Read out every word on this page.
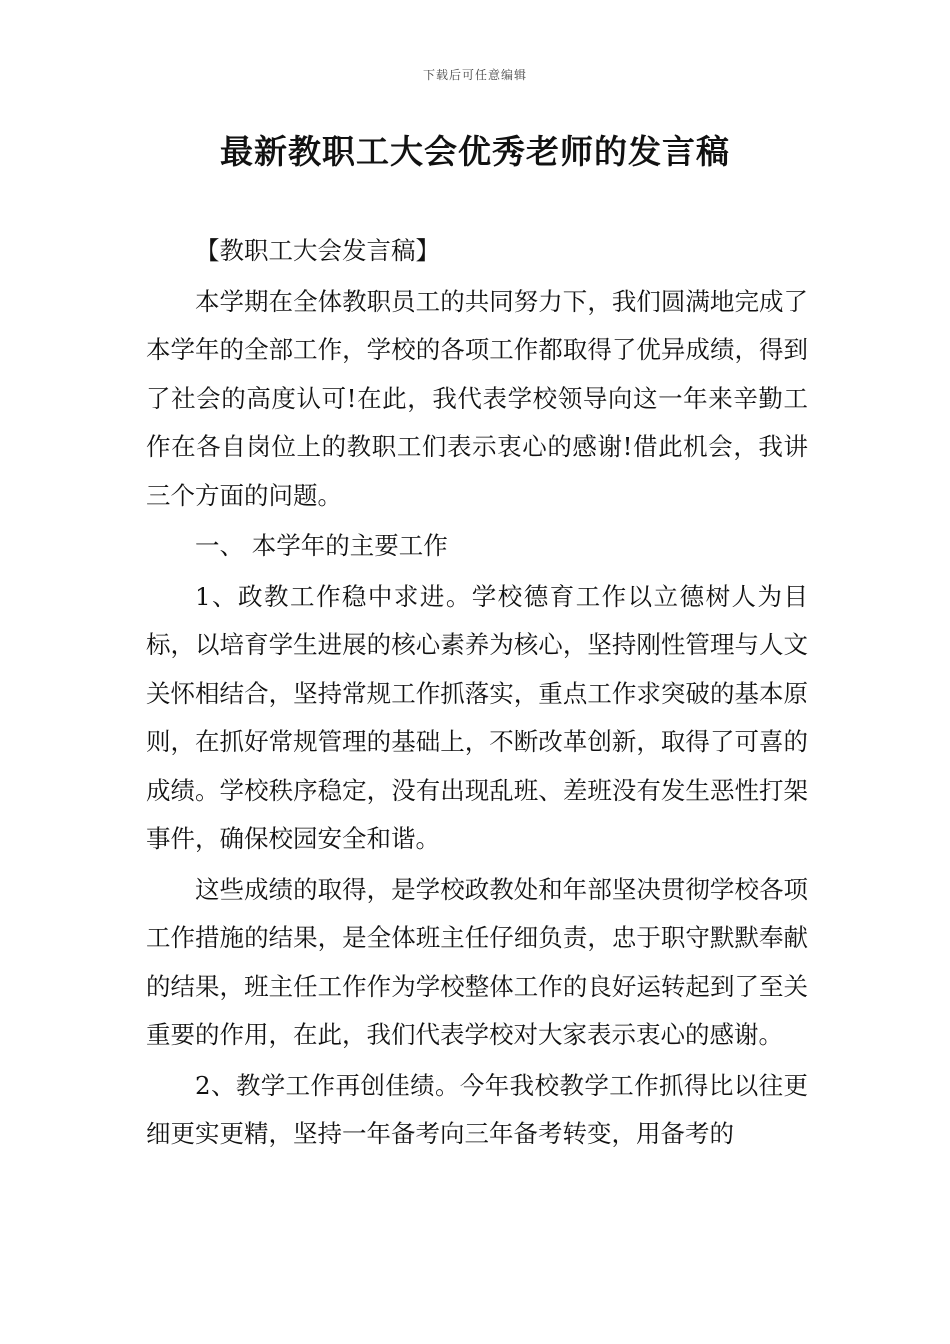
下载后可任意编辑
最新教职工大会优秀老师的发言稿

【教职工大会发言稿】

本学期在全体教职员工的共同努力下，我们圆满地完成了本学年的全部工作，学校的各项工作都取得了优异成绩，得到了社会的高度认可!在此，我代表学校领导向这一年来辛勤工作在各自岗位上的教职工们表示衷心的感谢!借此机会，我讲三个方面的问题。

一、 本学年的主要工作

1、政教工作稳中求进。学校德育工作以立德树人为目标，以培育学生进展的核心素养为核心，坚持刚性管理与人文关怀相结合，坚持常规工作抓落实，重点工作求突破的基本原则，在抓好常规管理的基础上，不断改革创新，取得了可喜的成绩。学校秩序稳定，没有出现乱班、差班没有发生恶性打架事件，确保校园安全和谐。

这些成绩的取得，是学校政教处和年部坚决贯彻学校各项工作措施的结果，是全体班主任仔细负责，忠于职守默默奉献的结果，班主任工作作为学校整体工作的良好运转起到了至关重要的作用，在此，我们代表学校对大家表示衷心的感谢。

2、教学工作再创佳绩。今年我校教学工作抓得比以往更细更实更精，坚持一年备考向三年备考转变，用备考的
